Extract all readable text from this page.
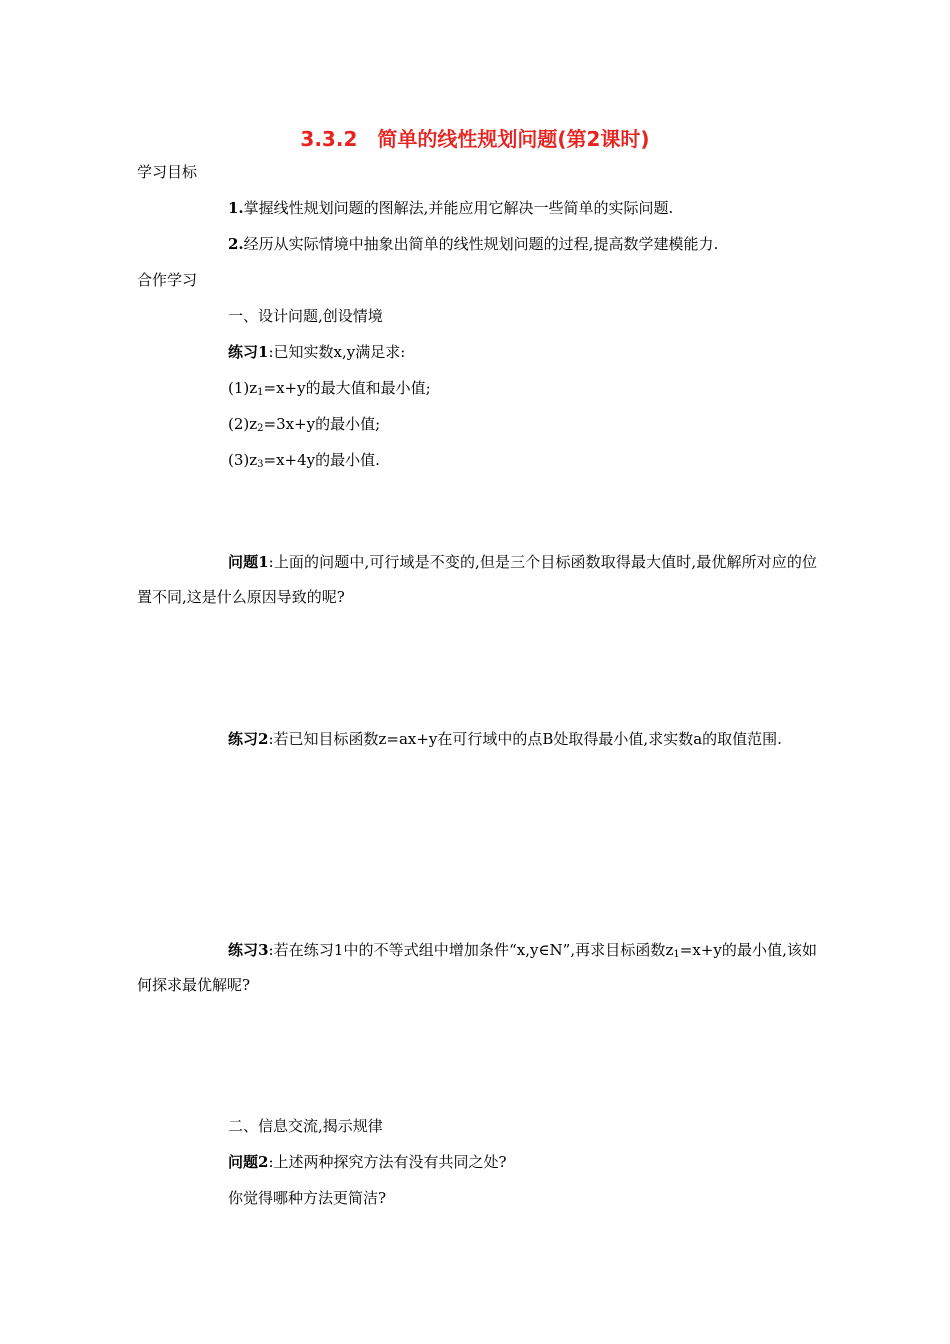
3.3.2　简单的线性规划问题(第2课时)

学习目标

1.掌握线性规划问题的图解法,并能应用它解决一些简单的实际问题.

2.经历从实际情境中抽象出简单的线性规划问题的过程,提高数学建模能力.

合作学习

一、设计问题,创设情境

练习1:已知实数x,y满足求:

$(1)z_1=x+y$的最大值和最小值;

$(2)z_2=3x+y$的最小值;

$(3)z_3=x+4y$的最小值.

问题1:上面的问题中,可行域是不变的,但是三个目标函数取得最大值时,最优解所对应的位置不同,这是什么原因导致的呢?

练习2:若已知目标函数z=ax+y在可行域中的点B处取得最小值,求实数a的取值范围.

练习3:若在练习1中的不等式组中增加条件“x,y∈N”,再求目标函数$z_1=x+y$的最小值,该如何探求最优解呢?

二、信息交流,揭示规律

问题2:上述两种探究方法有没有共同之处?

你觉得哪种方法更简洁?
